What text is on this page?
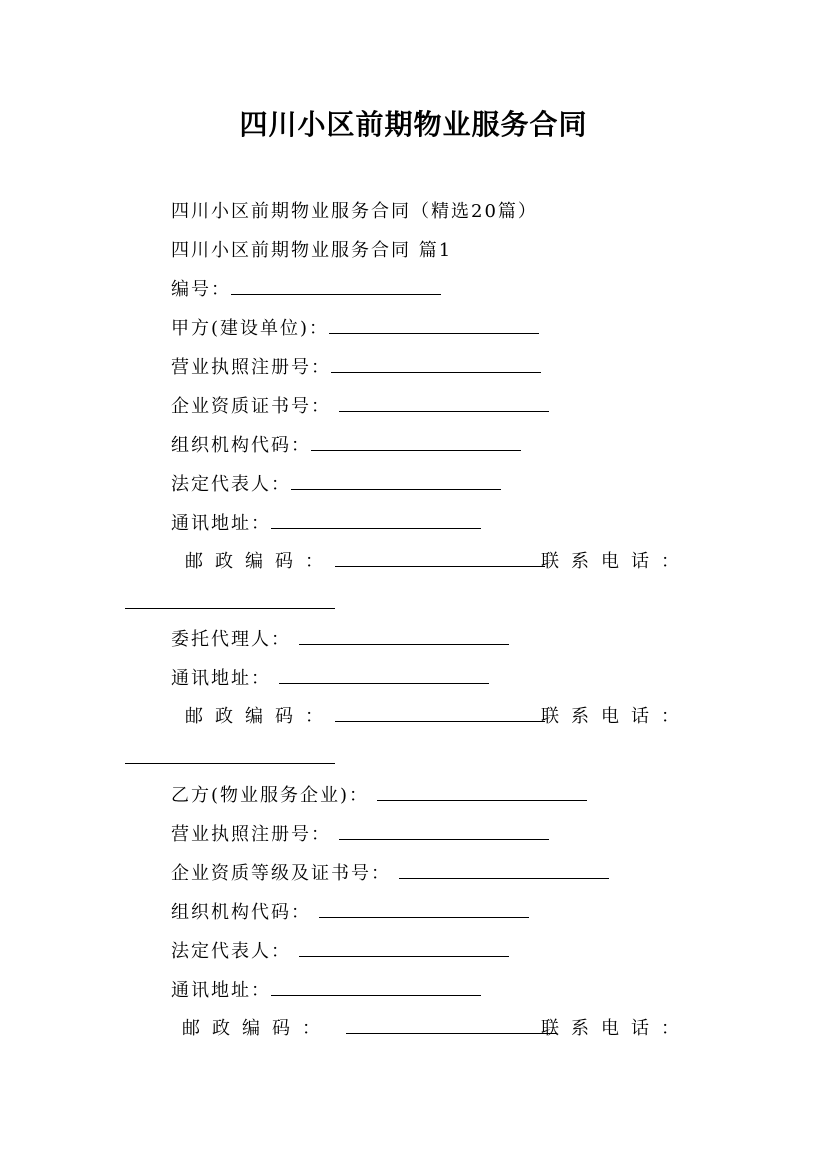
四川小区前期物业服务合同
四川小区前期物业服务合同（精选20篇）
四川小区前期物业服务合同 篇1
编号：
甲方(建设单位)：
营业执照注册号：
企业资质证书号：
组织机构代码：
法定代表人：
通讯地址：
邮政编码：	联系电话：
委托代理人：
通讯地址：
邮政编码：	联系电话：
乙方(物业服务企业)：
营业执照注册号：
企业资质等级及证书号：
组织机构代码：
法定代表人：
通讯地址：
邮政编码：	联系电话：
